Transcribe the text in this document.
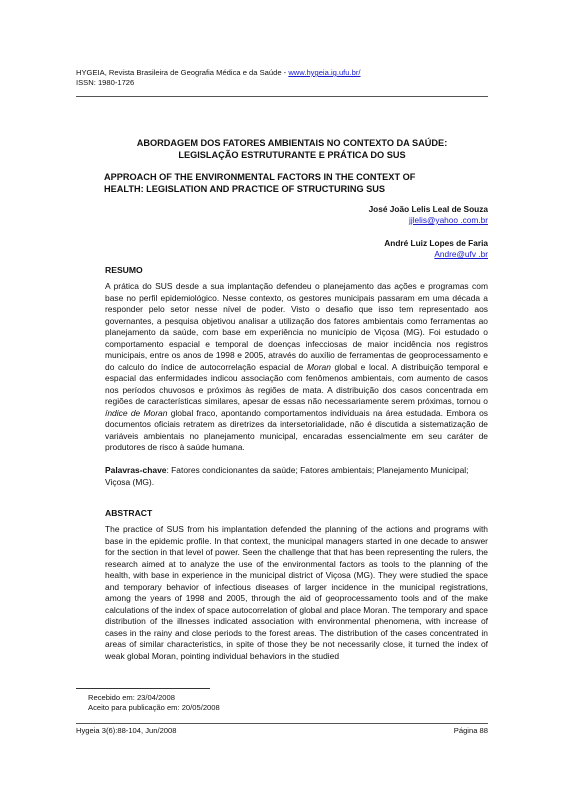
HYGEIA, Revista Brasileira de Geografia Médica e da Saúde - www.hygeia.ig.ufu.br/
ISSN: 1980-1726
ABORDAGEM DOS FATORES AMBIENTAIS NO CONTEXTO DA SAÚDE:
LEGISLAÇÃO ESTRUTURANTE E PRÁTICA DO SUS
APPROACH OF THE ENVIRONMENTAL FACTORS IN THE CONTEXT OF
HEALTH: LEGISLATION AND PRACTICE OF STRUCTURING SUS
José João Lelis Leal de Souza
jjlelis@yahoo .com.br
André Luiz Lopes de Faria
Andre@ufv .br
RESUMO
A prática do SUS desde a sua implantação defendeu o planejamento das ações e programas com base no perfil epidemiológico. Nesse contexto, os gestores municipais passaram em uma década a responder pelo setor nesse nível de poder. Visto o desafio que isso tem representado aos governantes, a pesquisa objetivou analisar a utilização dos fatores ambientais como ferramentas ao planejamento da saúde, com base em experiência no município de Viçosa (MG). Foi estudado o comportamento espacial e temporal de doenças infecciosas de maior incidência nos registros municipais, entre os anos de 1998 e 2005, através do auxílio de ferramentas de geoprocessamento e do calculo do índice de autocorrelação espacial de Moran global e local. A distribuição temporal e espacial das enfermidades indicou associação com fenômenos ambientais, com aumento de casos nos períodos chuvosos e próximos às regiões de mata. A distribuição dos casos concentrada em regiões de características similares, apesar de essas não necessariamente serem próximas, tornou o índice de Moran global fraco, apontando comportamentos individuais na área estudada. Embora os documentos oficiais retratem as diretrizes da intersetorialidade, não é discutida a sistematização de variáveis ambientais no planejamento municipal, encaradas essencialmente em seu caráter de produtores de risco à saúde humana.
Palavras-chave: Fatores condicionantes da saúde; Fatores ambientais; Planejamento Municipal; Viçosa (MG).
ABSTRACT
The practice of SUS from his implantation defended the planning of the actions and programs with base in the epidemic profile. In that context, the municipal managers started in one decade to answer for the section in that level of power. Seen the challenge that that has been representing the rulers, the research aimed at to analyze the use of the environmental factors as tools to the planning of the health, with base in experience in the municipal district of Viçosa (MG). They were studied the space and temporary behavior of infectious diseases of larger incidence in the municipal registrations, among the years of 1998 and 2005, through the aid of geoprocessamento tools and of the make calculations of the index of space autocorrelation of global and place Moran. The temporary and space distribution of the illnesses indicated association with environmental phenomena, with increase of cases in the rainy and close periods to the forest areas. The distribution of the cases concentrated in areas of similar characteristics, in spite of those they be not necessarily close, it turned the index of weak global Moran, pointing individual behaviors in the studied
Recebido em: 23/04/2008
Aceito para publicação em: 20/05/2008
Hygeia 3(6):88-104, Jun/2008	Página 88
